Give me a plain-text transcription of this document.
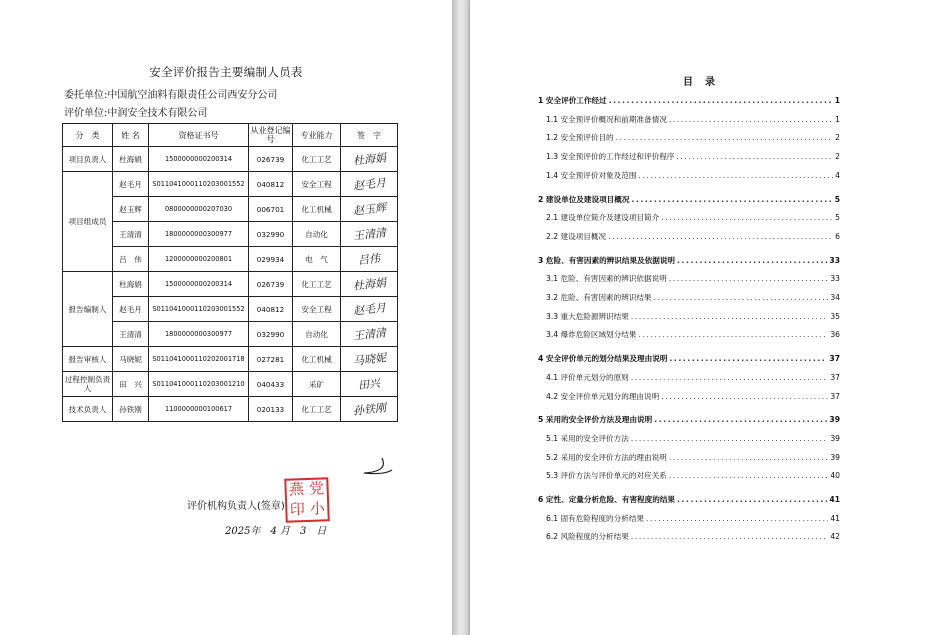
安全评价报告主要编制人员表
委托单位:中国航空油料有限责任公司西安分公司
评价单位:中润安全技术有限公司
分　类	姓 名	资格证书号	从业登记编号	专业能力	签　字
项目负责人	杜海娟	1500000000200314	026739	化工工艺	杜海娟
项目组成员	赵毛月	S011041000110203001552	040812	安全工程	赵毛月
	赵玉辉	0800000000207030	006701	化工机械	赵玉辉
	王清清	1800000000300977	032990	自动化	王清清
	吕　伟	1200000000200801	029934	电　气	吕伟
报告编制人	杜海娟	1500000000200314	026739	化工工艺	杜海娟
	赵毛月	S011041000110203001552	040812	安全工程	赵毛月
	王清清	1800000000300977	032990	自动化	王清清
报告审核人	马晓妮	S011041000110202001718	027281	化工机械	马晓妮
过程控制负责人	田　兴	S011041000110203001210	040433	采矿	田兴
技术负责人	孙铁刚	1100000000100617	020133	化工工艺	孙铁刚
评价机构负责人(签章)
燕 党
印 小
2025年　4 月　3　日
目　录
1 安全评价工作经过 .....	1
1.1 安全预评价概况和前期准备情况 .....	1
1.2 安全预评价目的 .....	2
1.3 安全预评价的工作经过和评价程序 .....	2
1.4 安全预评价对象及范围 .....	4
2 建设单位及建设项目概况 .....	5
2.1 建设单位简介及建设项目简介 .....	5
2.2 建设项目概况 .....	6
3 危险、有害因素的辨识结果及依据说明 .....	33
3.1 危险、有害因素的辨识依据说明 .....	33
3.2 危险、有害因素的辨识结果 .....	34
3.3 重大危险源辨识结果 .....	35
3.4 爆炸危险区域划分结果 .....	36
4 安全评价单元的划分结果及理由说明 .....	37
4.1 评价单元划分的原则 .....	37
4.2 安全评价单元划分的理由说明 .....	37
5 采用的安全评价方法及理由说明 .....	39
5.1 采用的安全评价方法 .....	39
5.2 采用的安全评价方法的理由说明 .....	39
5.3 评价方法与评价单元的对应关系 .....	40
6 定性、定量分析危险、有害程度的结果 .....	41
6.1 固有危险程度的分析结果 .....	41
6.2 风险程度的分析结果 .....	42
